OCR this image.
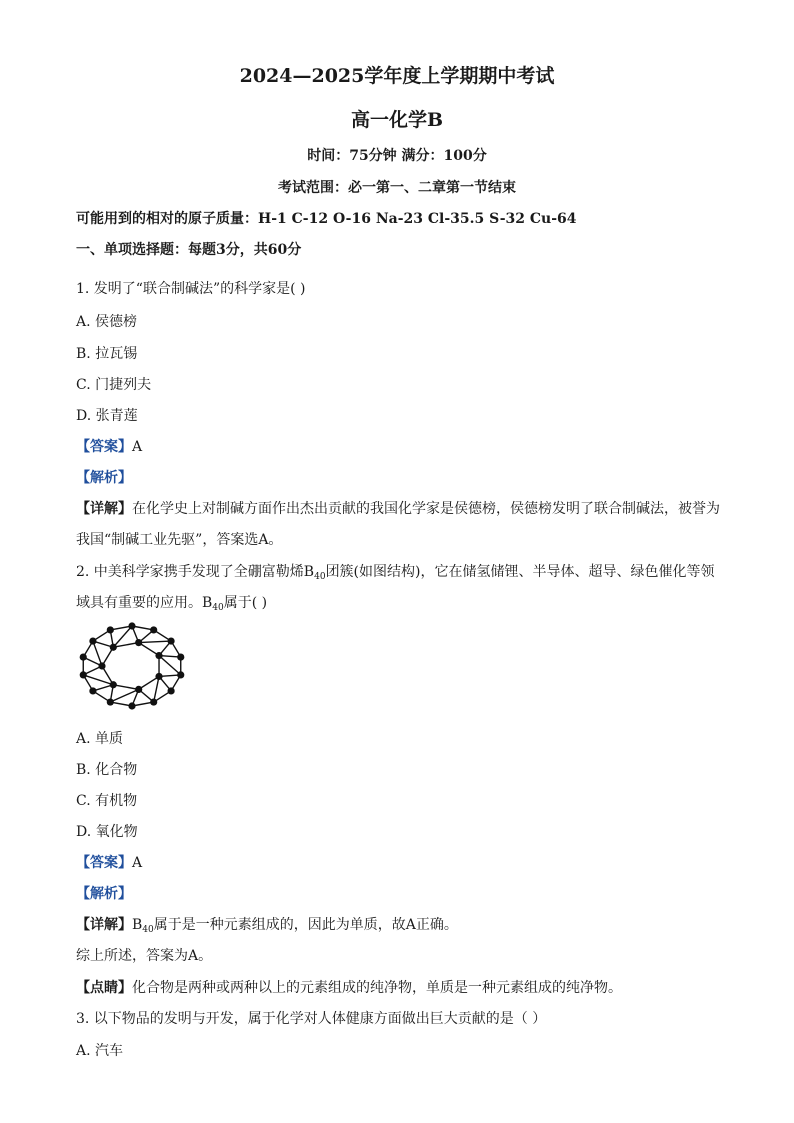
2024—2025学年度上学期期中考试
高一化学B
时间：75分钟 满分：100分
考试范围：必一第一、二章第一节结束
可能用到的相对的原子质量：H-1 C-12 O-16 Na-23 Cl-35.5 S-32 Cu-64
一、单项选择题：每题3分，共60分
1. 发明了“联合制碱法”的科学家是( )
A. 侯德榜
B. 拉瓦锡
C. 门捷列夫
D. 张青莲
【答案】A
【解析】
【详解】在化学史上对制碱方面作出杰出贡献的我国化学家是侯德榜，侯德榜发明了联合制碱法，被誉为
我国“制碱工业先驱”，答案选A。
2. 中美科学家携手发现了全硼富勒烯$B_{40}$团簇(如图结构)，它在储氢储锂、半导体、超导、绿色催化等领
域具有重要的应用。$B_{40}$属于( )
A. 单质
B. 化合物
C. 有机物
D. 氧化物
【答案】A
【解析】
【详解】$B_{40}$属于是一种元素组成的，因此为单质，故A正确。
综上所述，答案为A。
【点睛】化合物是两种或两种以上的元素组成的纯净物，单质是一种元素组成的纯净物。
3. 以下物品的发明与开发，属于化学对人体健康方面做出巨大贡献的是（ ）
A. 汽车
